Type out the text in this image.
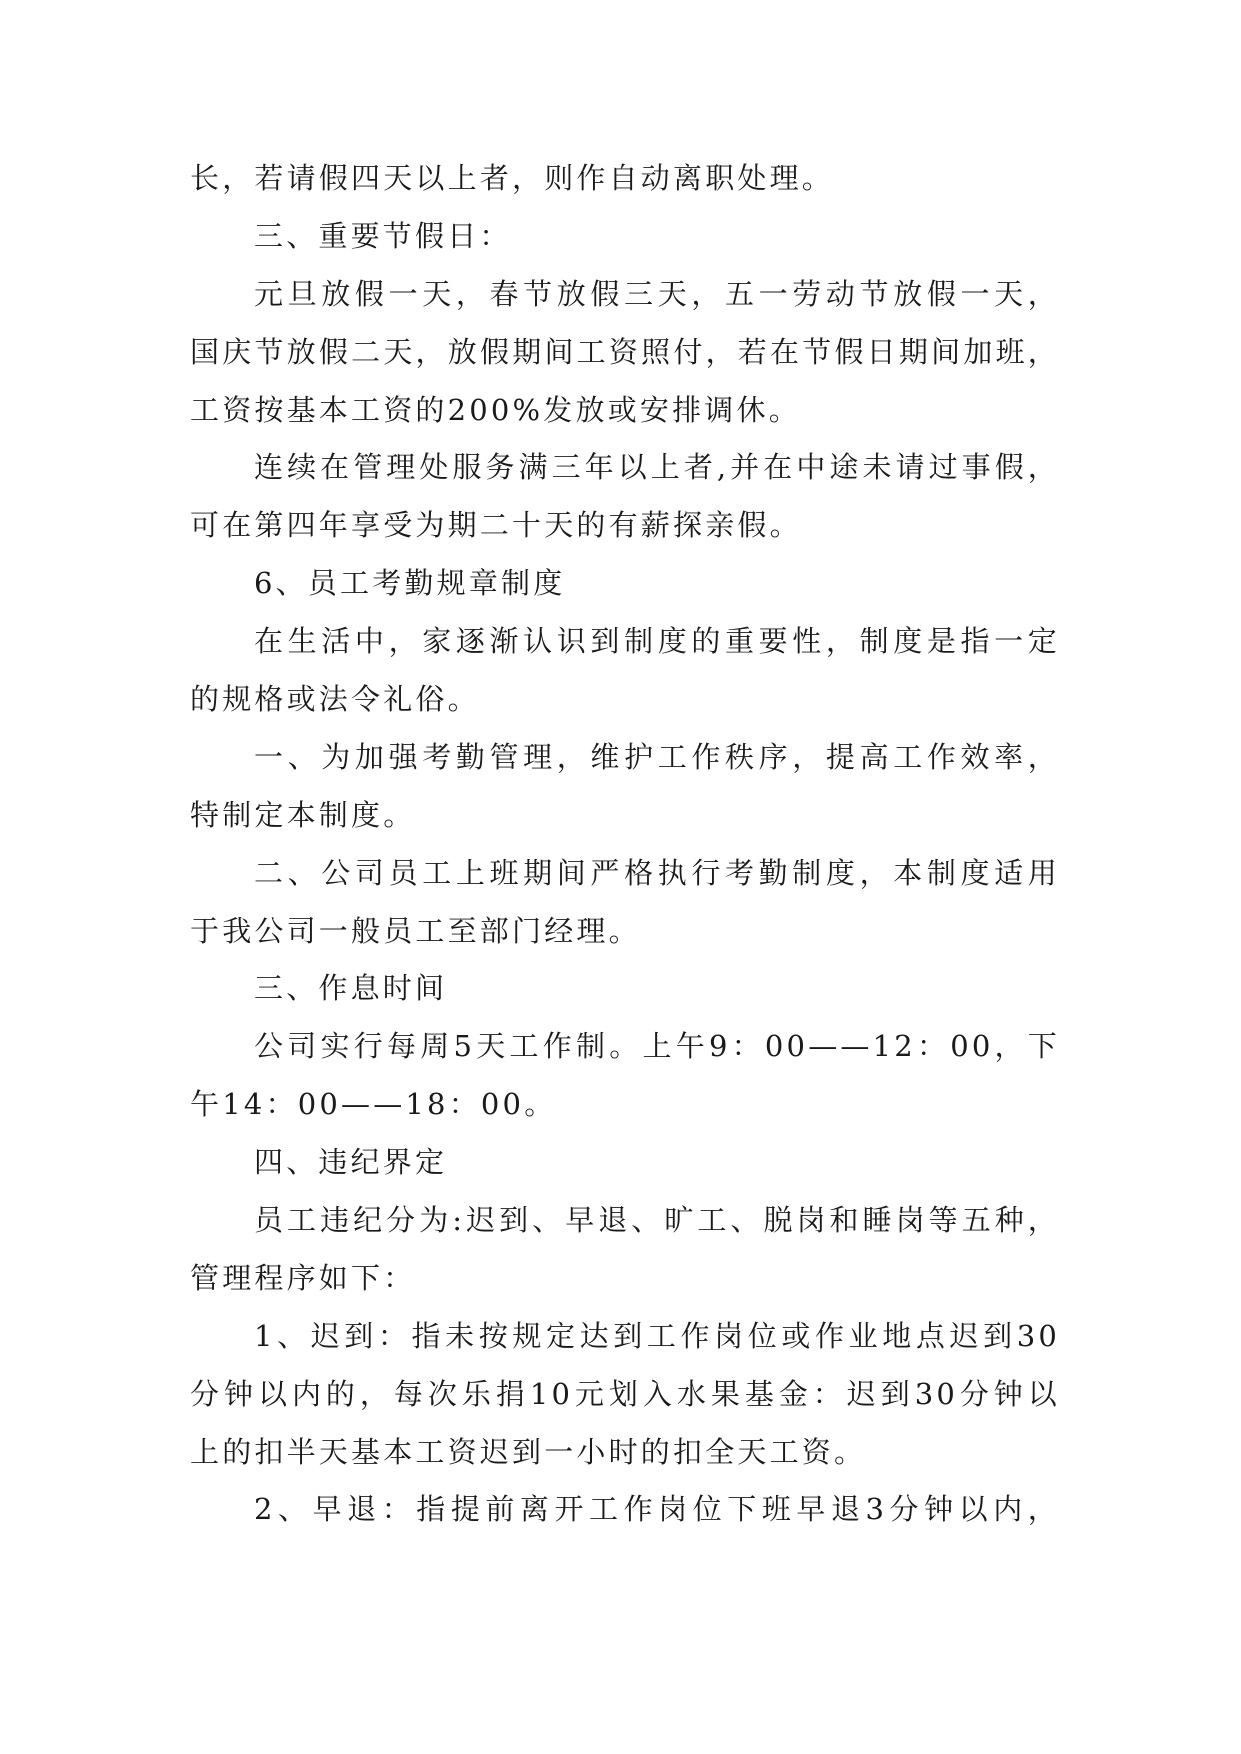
长，若请假四天以上者，则作自动离职处理。
三、重要节假日：
元旦放假一天，春节放假三天，五一劳动节放假一天，
国庆节放假二天，放假期间工资照付，若在节假日期间加班，
工资按基本工资的200%发放或安排调休。
连续在管理处服务满三年以上者,并在中途未请过事假，
可在第四年享受为期二十天的有薪探亲假。
6、员工考勤规章制度
在生活中，家逐渐认识到制度的重要性，制度是指一定
的规格或法令礼俗。
一、为加强考勤管理，维护工作秩序，提高工作效率，
特制定本制度。
二、公司员工上班期间严格执行考勤制度，本制度适用
于我公司一般员工至部门经理。
三、作息时间
公司实行每周5天工作制。上午9：00——12：00，下
午14：00——18：00。
四、违纪界定
员工违纪分为:迟到、早退、旷工、脱岗和睡岗等五种，
管理程序如下：
1、迟到：指未按规定达到工作岗位或作业地点迟到30
分钟以内的，每次乐捐10元划入水果基金：迟到30分钟以
上的扣半天基本工资迟到一小时的扣全天工资。
2、早退：指提前离开工作岗位下班早退3分钟以内，
